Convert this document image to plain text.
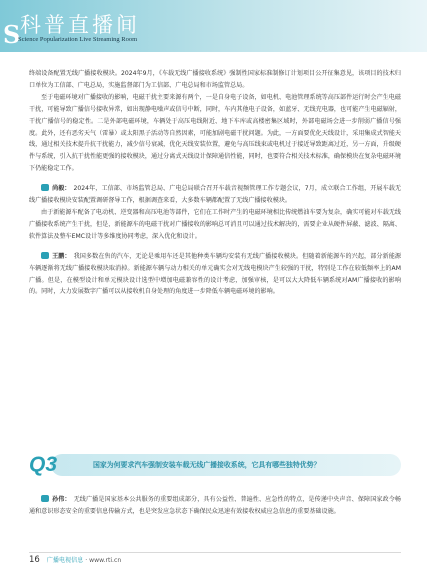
S 科普直播间
Science Popularization Live Streaming Room

终端设备配置无线广播接收模块。2024年9月，《车载无线广播接收系统》强制性国家标准制修订计划项目公开征集意见，该项目的技术归口单位为工信部、广电总局，实施监督部门为工信部、广电总局和市场监管总局。

至于电磁环境对广播接收的影响，电磁干扰主要来源有两个，一是自身电子设备，如电机、电池管理系统等高压部件运行时会产生电磁干扰，可能导致广播信号接收异常，如出现静电噪声或信号中断，同时，车内其他电子设备，如蓝牙、无线充电器，也可能产生电磁辐射，干扰广播信号的稳定性。二是外部电磁环境，车辆处于高压电线附近、地下车库或高楼密集区域时，外部电磁场会进一步削弱广播信号强度。此外，还有恶劣天气（雷暴）或太阳黑子活动等自然因素，可能加剧电磁干扰问题。为此，一方面要优化天线设计，采用集成式智能天线，通过相关技术提升抗干扰能力，减少信号衰减，优化天线安装位置，避免与高压线束或电机过于接近导致距离过近，另一方面，升级硬件与系统，引入抗干扰性能更强的接收模块，通过分离式天线设计保障通信性能，同时，也要符合相关技术标准，确保模块在复杂电磁环境下仍能稳定工作。

尚毅： 2024年，工信部、市场监管总局、广电总局联合召开车载音视频管理工作专题会议，7月，成立联合工作组，开展车载无线广播接收模块安装配置调研督导工作，根据调查来看，大多数车辆都配置了无线广播接收模块。

由于新能源车配备了电动机、逆变器和高压电池等部件，它们在工作时产生的电磁环境相比传统燃油车要为复杂，确实可能对车载无线广播接收系统产生干扰，但是，新能源车的电磁干扰对广播接收的影响总可消且可以通过技术解决的，需要企业从硬件屏蔽、滤波、隔离、软件算法及整车EMC设计等多维度协同考虑，深入优化和设计。

王鹏： 我国多数在售的汽车，无论是乘用车还是其他种类车辆均安装有无线广播接收模块。但随着新能源车的兴起，部分新能源车辆逐渐将无线广播接收模块取消掉。新能源车辆与动力相关的单元确实会对无线电模块产生较强的干扰，特别是工作在较低频率上的AM广播。但是，在模型设计和单元模块设计选型中增加电磁兼容性的设计考虑，加强审核，是可以大大降低车辆系统对AM广播接收的影响的。同时，大力发展数字广播可以从接收机自身处理的角度进一步降低车辆电磁环境的影响。

Q3	国家为何要求汽车强制安装车载无线广播接收系统，它具有哪些独特优势？

孙伟： 无线广播是国家基本公共服务的重要组成部分，具有公益性、普遍性、应急性的特点，是传递中央声音、保障国家政令畅通和意识形态安全的重要信息传输方式，也是突发应急状态下确保民众迅速有效接收权威应急信息的重要基础设施。

16 广播电视信息 · www.rti.cn
